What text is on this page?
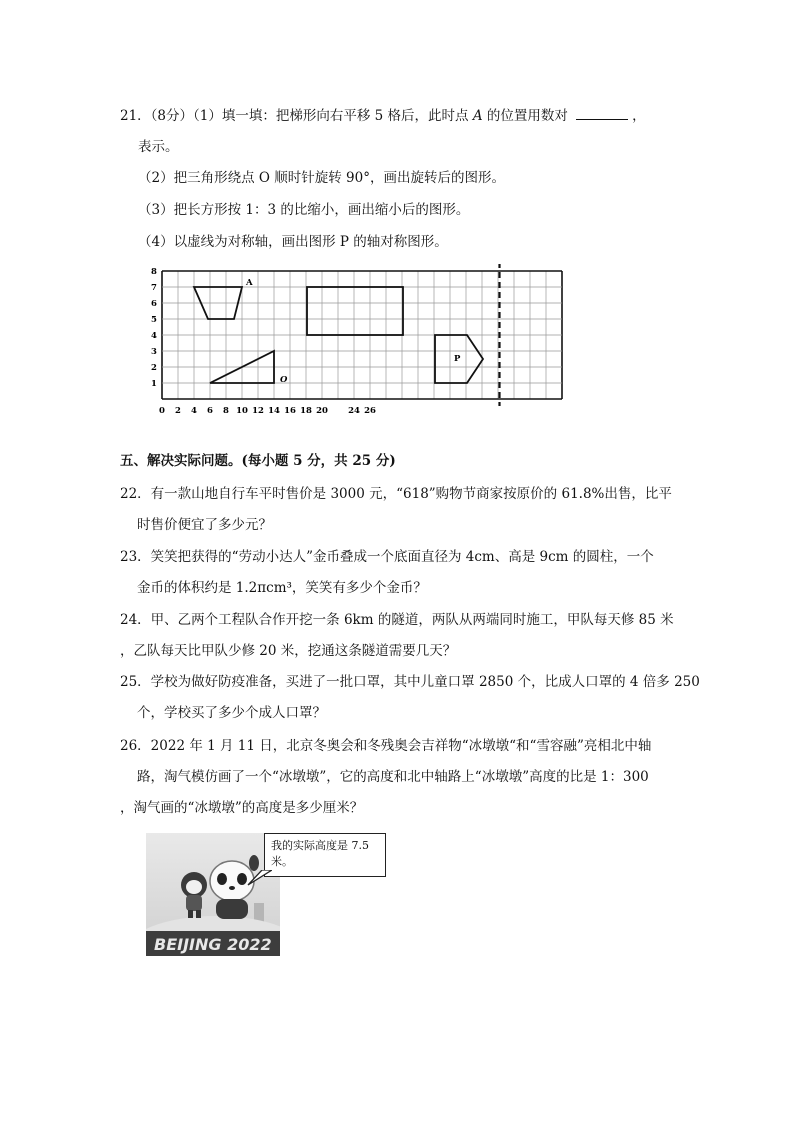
21．（8分）（1）填一填：把梯形向右平移 5 格后，此时点 A 的位置用数对	，
表示。
（2）把三角形绕点 O 顺时针旋转 90°，画出旋转后的图形。
（3）把长方形按 1：3 的比缩小，画出缩小后的图形。
（4）以虚线为对称轴，画出图形 P 的轴对称图形。
0 2 4 6 8 10 12 14 16 18 20 24 26
1
2
3
4
5
6
7
8
A
O
P
五、解决实际问题。(每小题 5 分，共 25 分)
22．有一款山地自行车平时售价是 3000 元，“618”购物节商家按原价的 61.8%出售，比平
时售价便宜了多少元？
23．笑笑把获得的“劳动小达人”金币叠成一个底面直径为 4cm、高是 9cm 的圆柱，一个
金币的体积约是 1.2πcm³，笑笑有多少个金币？
24．甲、乙两个工程队合作开挖一条 6km 的隧道，两队从两端同时施工，甲队每天修 85 米
，乙队每天比甲队少修 20 米，挖通这条隧道需要几天？
25．学校为做好防疫准备，买进了一批口罩，其中儿童口罩 2850 个，比成人口罩的 4 倍多 250
个，学校买了多少个成人口罩？
26．2022 年 1 月 11 日，北京冬奥会和冬残奥会吉祥物“冰墩墩“和“雪容融”亮相北中轴
路，淘气模仿画了一个“冰墩墩”，它的高度和北中轴路上“冰墩墩”高度的比是 1：300
，淘气画的“冰墩墩”的高度是多少厘米？
BEIJING 2022
我的实际高度是 7.5
米。
